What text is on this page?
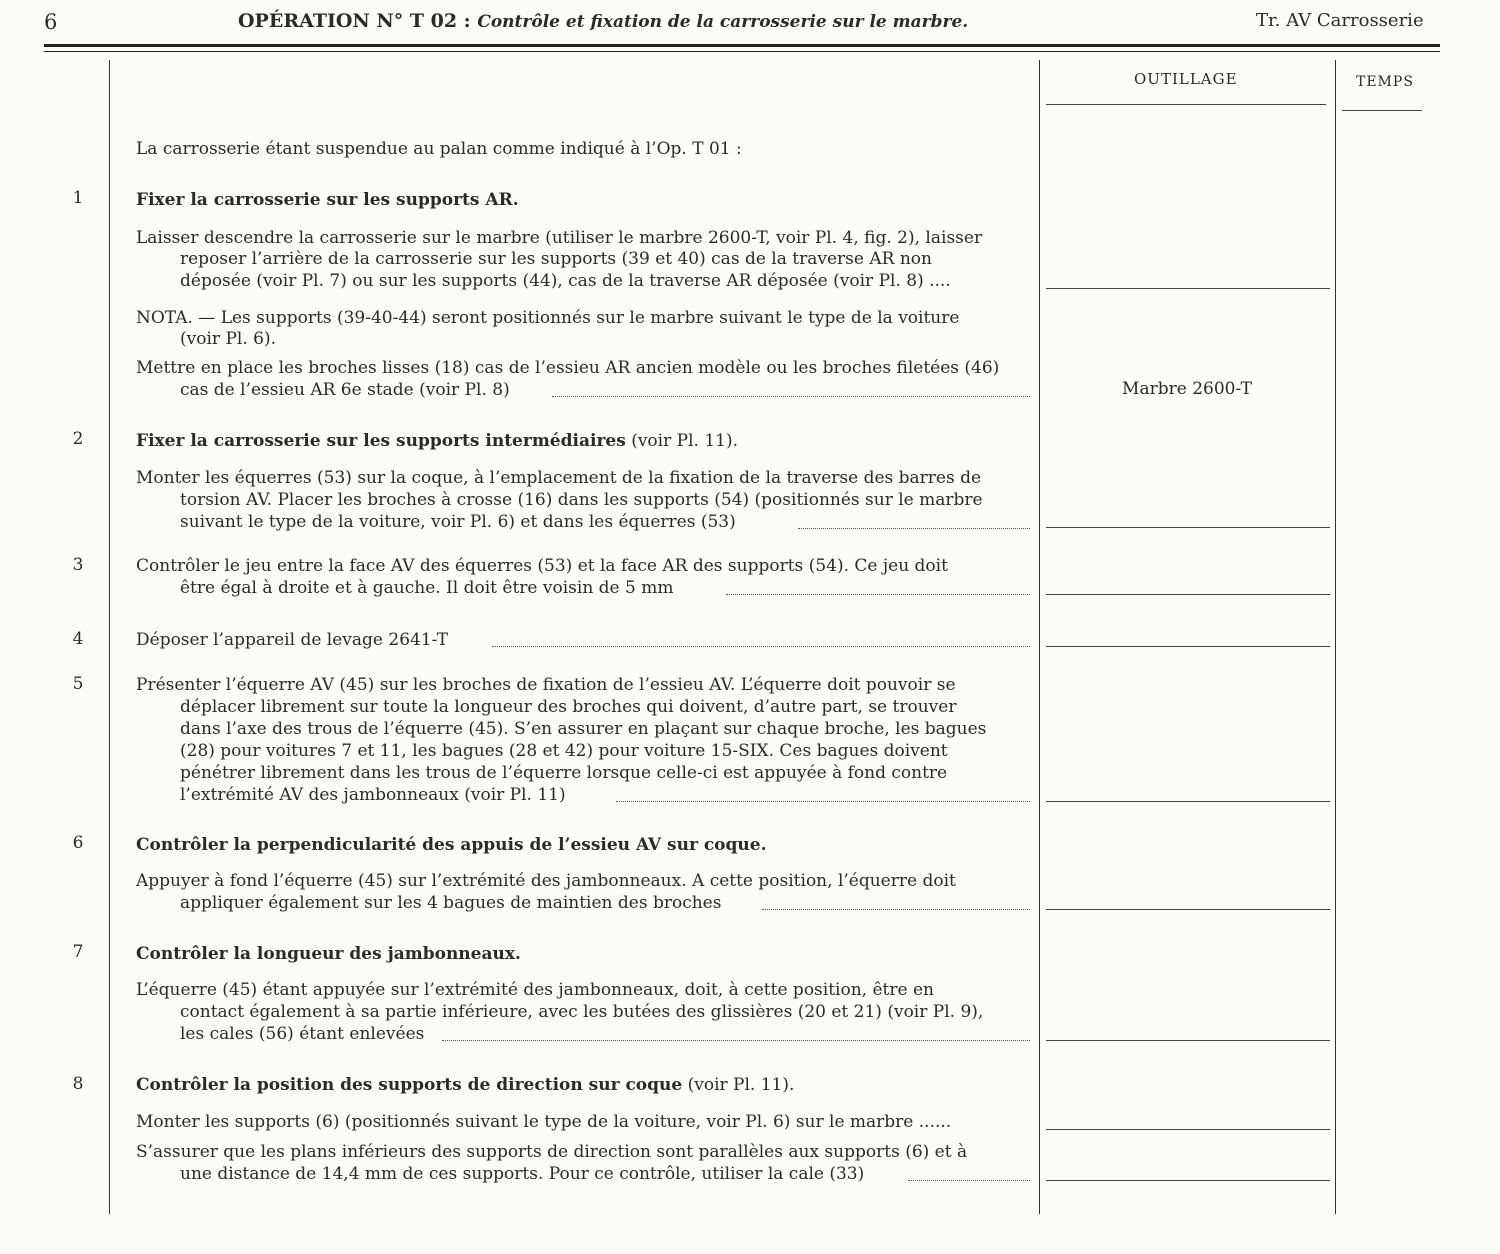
6	OPÉRATION N° T 02 : Contrôle et fixation de la carrosserie sur le marbre.	Tr. AV Carrosserie
OUTILLAGE	TEMPS
La carrosserie étant suspendue au palan comme indiqué à l’Op. T 01 :
1	Fixer la carrosserie sur les supports AR.
Laisser descendre la carrosserie sur le marbre (utiliser le marbre 2600-T, voir Pl. 4, fig. 2), laisser
reposer l’arrière de la carrosserie sur les supports (39 et 40) cas de la traverse AR non
déposée (voir Pl. 7) ou sur les supports (44), cas de la traverse AR déposée (voir Pl. 8) ....
NOTA. — Les supports (39-40-44) seront positionnés sur le marbre suivant le type de la voiture
(voir Pl. 6).
Mettre en place les broches lisses (18) cas de l’essieu AR ancien modèle ou les broches filetées (46)
cas de l’essieu AR 6e stade (voir Pl. 8)	Marbre 2600-T
2	Fixer la carrosserie sur les supports intermédiaires (voir Pl. 11).
Monter les équerres (53) sur la coque, à l’emplacement de la fixation de la traverse des barres de
torsion AV. Placer les broches à crosse (16) dans les supports (54) (positionnés sur le marbre
suivant le type de la voiture, voir Pl. 6) et dans les équerres (53)
3	Contrôler le jeu entre la face AV des équerres (53) et la face AR des supports (54). Ce jeu doit
être égal à droite et à gauche. Il doit être voisin de 5 mm
4	Déposer l’appareil de levage 2641-T
5	Présenter l’équerre AV (45) sur les broches de fixation de l’essieu AV. L’équerre doit pouvoir se
déplacer librement sur toute la longueur des broches qui doivent, d’autre part, se trouver
dans l’axe des trous de l’équerre (45). S’en assurer en plaçant sur chaque broche, les bagues
(28) pour voitures 7 et 11, les bagues (28 et 42) pour voiture 15-SIX. Ces bagues doivent
pénétrer librement dans les trous de l’équerre lorsque celle-ci est appuyée à fond contre
l’extrémité AV des jambonneaux (voir Pl. 11)
6	Contrôler la perpendicularité des appuis de l’essieu AV sur coque.
Appuyer à fond l’équerre (45) sur l’extrémité des jambonneaux. A cette position, l’équerre doit
appliquer également sur les 4 bagues de maintien des broches
7	Contrôler la longueur des jambonneaux.
L’équerre (45) étant appuyée sur l’extrémité des jambonneaux, doit, à cette position, être en
contact également à sa partie inférieure, avec les butées des glissières (20 et 21) (voir Pl. 9),
les cales (56) étant enlevées
8	Contrôler la position des supports de direction sur coque (voir Pl. 11).
Monter les supports (6) (positionnés suivant le type de la voiture, voir Pl. 6) sur le marbre ......
S’assurer que les plans inférieurs des supports de direction sont parallèles aux supports (6) et à
une distance de 14,4 mm de ces supports. Pour ce contrôle, utiliser la cale (33)
